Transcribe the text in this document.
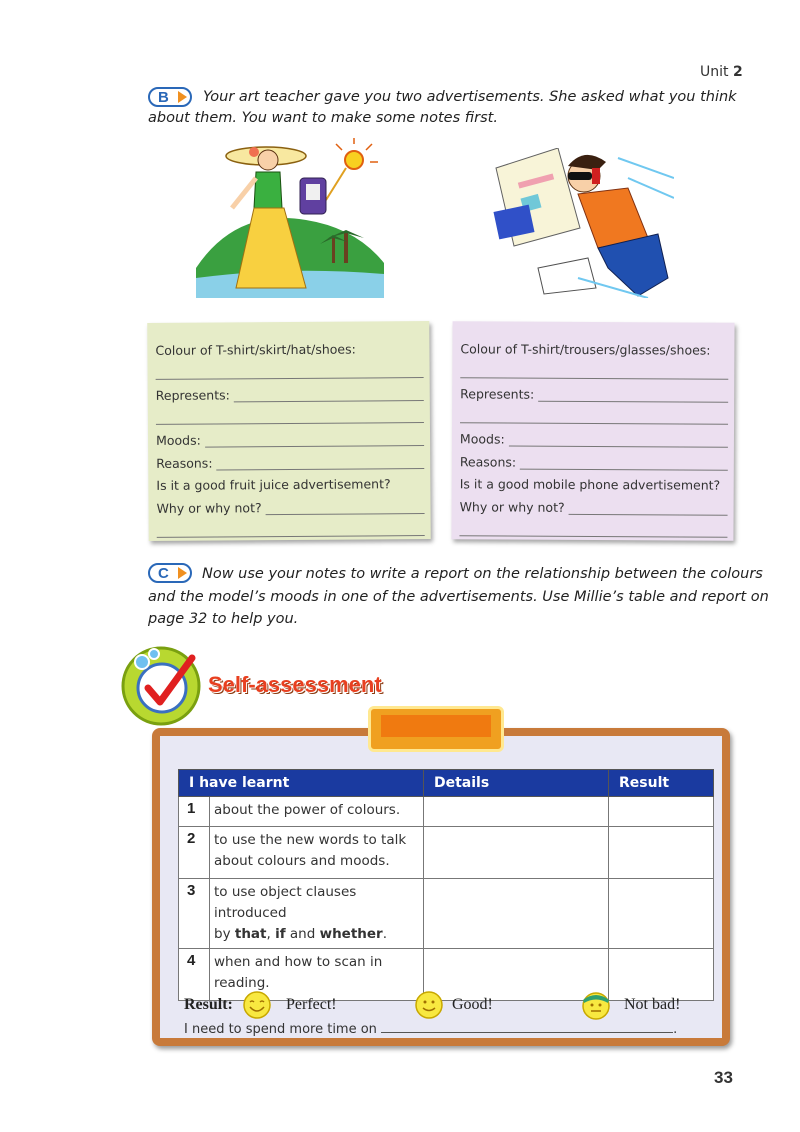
Unit 2
B Your art teacher gave you two advertisements. She asked what you think
about them. You want to make some notes first.
Colour of T-shirt/skirt/hat/shoes:
Represents:
Moods:
Reasons:
Is it a good fruit juice advertisement?
Why or why not?
Colour of T-shirt/trousers/glasses/shoes:
Represents:
Moods:
Reasons:
Is it a good mobile phone advertisement?
Why or why not?
C Now use your notes to write a report on the relationship between the colours
and the model’s moods in one of the advertisements. Use Millie’s table and report on
page 32 to help you.
Self-assessment
I have learnt		Details	Result
1	about the power of colours.		
2	to use the new words to talk
about colours and moods.		

3	to use object clauses introduced
by that, if and whether.		

4	when and how to scan in
reading.		

Result:	Perfect!	Good!	Not bad!
I need to spend more time on	.
33
